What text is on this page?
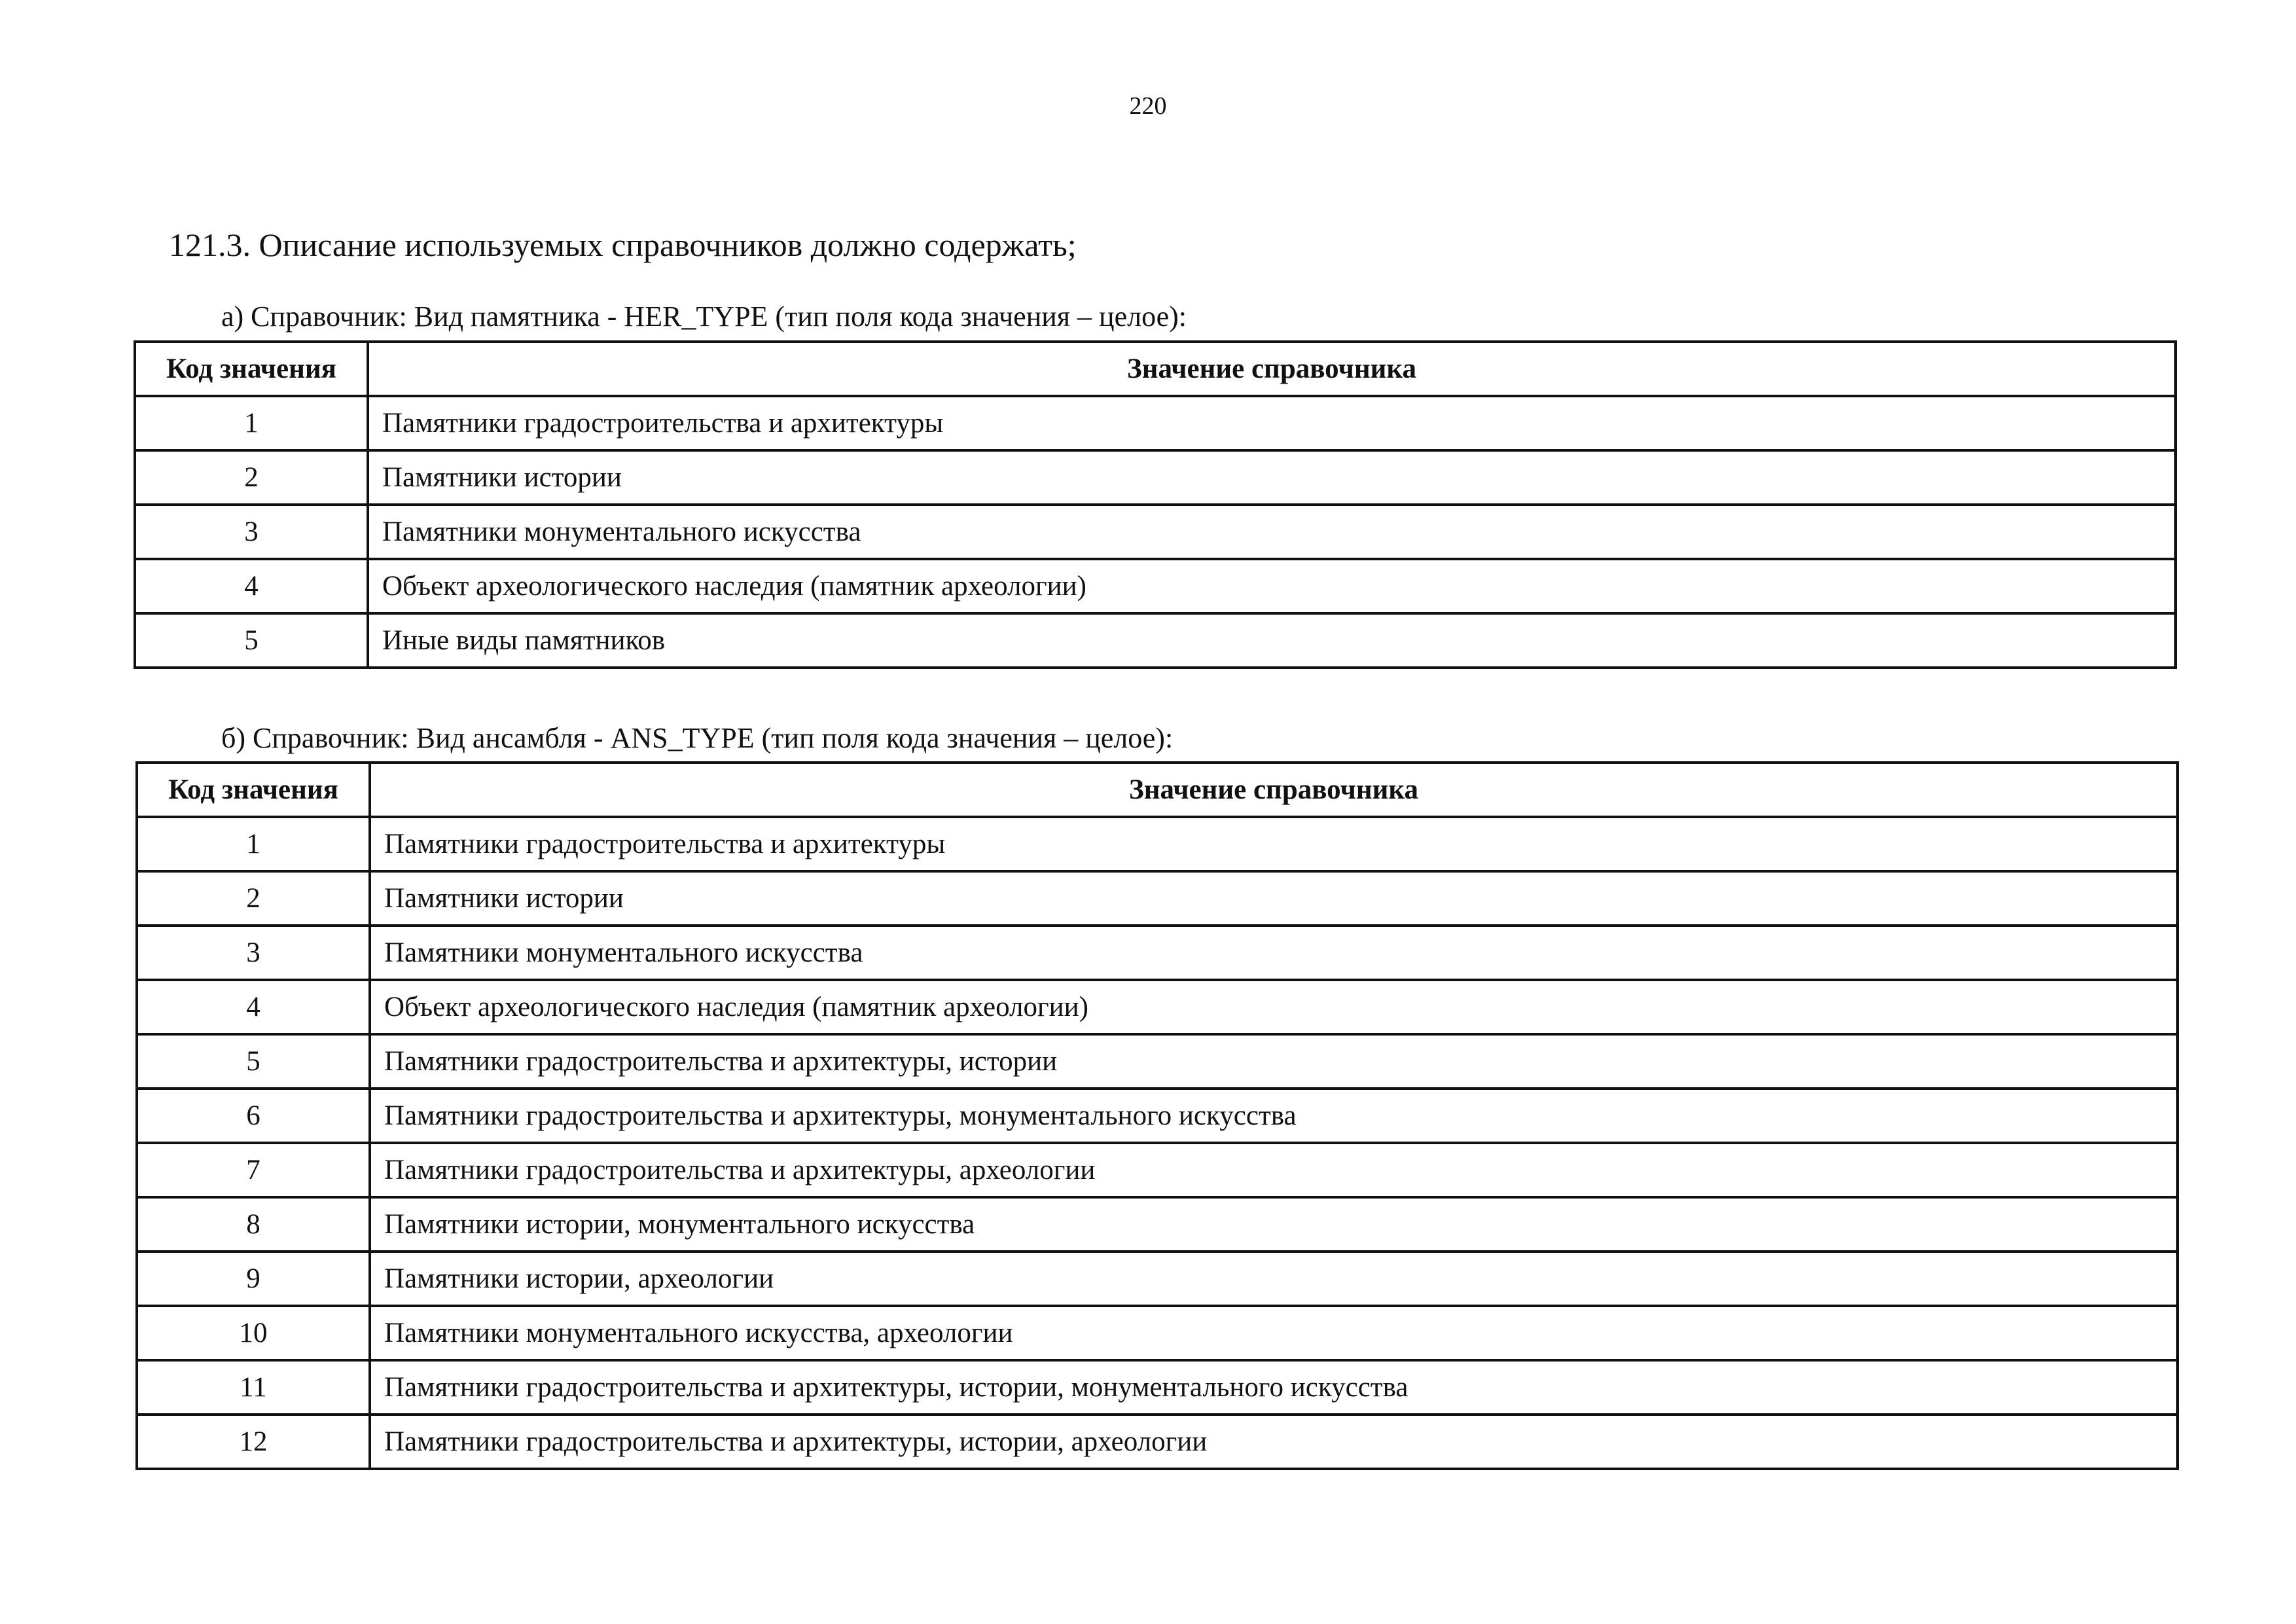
220
121.3. Описание используемых справочников должно содержать;
а) Справочник: Вид памятника - HER_TYPE (тип поля кода значения – целое):
Код значения	Значение справочника
1	Памятники градостроительства и архитектуры
2	Памятники истории
3	Памятники монументального искусства
4	Объект археологического наследия (памятник археологии)
5	Иные виды памятников
б) Справочник: Вид ансамбля - ANS_TYPE (тип поля кода значения – целое):
Код значения	Значение справочника
1	Памятники градостроительства и архитектуры
2	Памятники истории
3	Памятники монументального искусства
4	Объект археологического наследия (памятник археологии)
5	Памятники градостроительства и архитектуры, истории
6	Памятники градостроительства и архитектуры, монументального искусства
7	Памятники градостроительства и архитектуры, археологии
8	Памятники истории, монументального искусства
9	Памятники истории, археологии
10	Памятники монументального искусства, археологии
11	Памятники градостроительства и архитектуры, истории, монументального искусства
12	Памятники градостроительства и архитектуры, истории, археологии
